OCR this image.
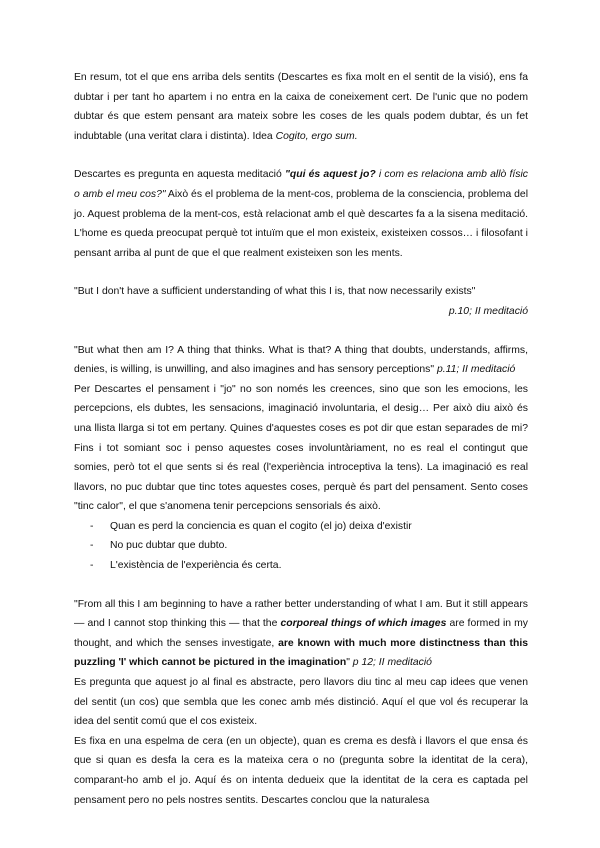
En resum, tot el que ens arriba dels sentits (Descartes es fixa molt en el sentit de la visió), ens fa dubtar i per tant ho apartem i no entra en la caixa de coneixement cert. De l'unic que no podem dubtar és que estem pensant ara mateix sobre les coses de les quals podem dubtar, és un fet indubtable (una veritat clara i distinta). Idea Cogito, ergo sum.

Descartes es pregunta en aquesta meditació "qui és aquest jo? i com es relaciona amb allò físic o amb el meu cos?" Això és el problema de la ment-cos, problema de la consciencia, problema del jo. Aquest problema de la ment-cos, està relacionat amb el què descartes fa a la sisena meditació. L'home es queda preocupat perquè tot intuïm que el mon existeix, existeixen cossos… i filosofant i pensant arriba al punt de que el que realment existeixen son les ments.

"But I don't have a sufficient understanding of what this I is, that now necessarily exists"

p.10; II meditació

"But what then am I? A thing that thinks. What is that? A thing that doubts, understands, affirms, denies, is willing, is unwilling, and also imagines and has sensory perceptions" p.11; II meditació

Per Descartes el pensament i "jo" no son només les creences, sino que son les emocions, les percepcions, els dubtes, les sensacions, imaginació involuntaria, el desig… Per això diu això és una llista llarga si tot em pertany. Quines d'aquestes coses es pot dir que estan separades de mi? Fins i tot somiant soc i penso aquestes coses involuntàriament, no es real el contingut que somies, però tot el que sents si és real (l'experiència introceptiva la tens). La imaginació es real llavors, no puc dubtar que tinc totes aquestes coses, perquè és part del pensament. Sento coses "tinc calor", el que s'anomena tenir percepcions sensorials és això.

- Quan es perd la conciencia es quan el cogito (el jo) deixa d'existir
- No puc dubtar que dubto.
- L'existència de l'experiència és certa.

"From all this I am beginning to have a rather better understanding of what I am. But it still appears — and I cannot stop thinking this — that the corporeal things of which images are formed in my thought, and which the senses investigate, are known with much more distinctness than this puzzling 'I' which cannot be pictured in the imagination" p 12; II meditació

Es pregunta que aquest jo al final es abstracte, pero llavors diu tinc al meu cap idees que venen del sentit (un cos) que sembla que les conec amb més distinció. Aquí el que vol és recuperar la idea del sentit comú que el cos existeix.

Es fixa en una espelma de cera (en un objecte), quan es crema es desfà i llavors el que ensa és que si quan es desfa la cera es la mateixa cera o no (pregunta sobre la identitat de la cera), comparant-ho amb el jo. Aquí és on intenta dedueix que la identitat de la cera es captada pel pensament pero no pels nostres sentits. Descartes conclou que la naturalesa
